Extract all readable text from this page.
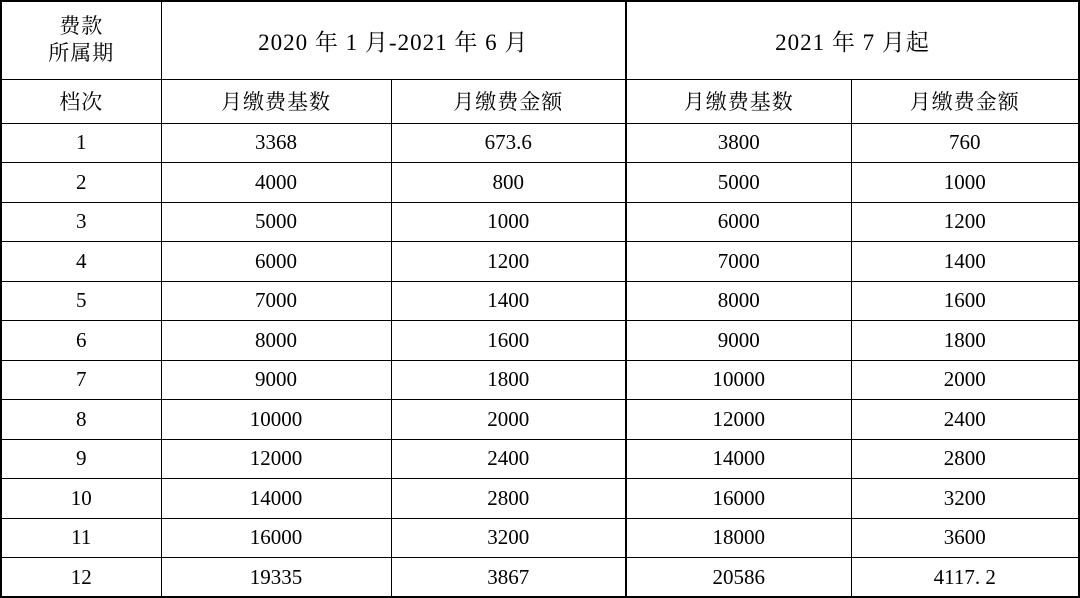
费款
所属期	2020 年 1 月-2021 年 6 月		2021 年 7 月起	
档次	月缴费基数	月缴费金额	月缴费基数	月缴费金额
1	3368	673.6	3800	760
2	4000	800	5000	1000
3	5000	1000	6000	1200
4	6000	1200	7000	1400
5	7000	1400	8000	1600
6	8000	1600	9000	1800
7	9000	1800	10000	2000
8	10000	2000	12000	2400
9	12000	2400	14000	2800
10	14000	2800	16000	3200
11	16000	3200	18000	3600
12	19335	3867	20586	4117. 2
